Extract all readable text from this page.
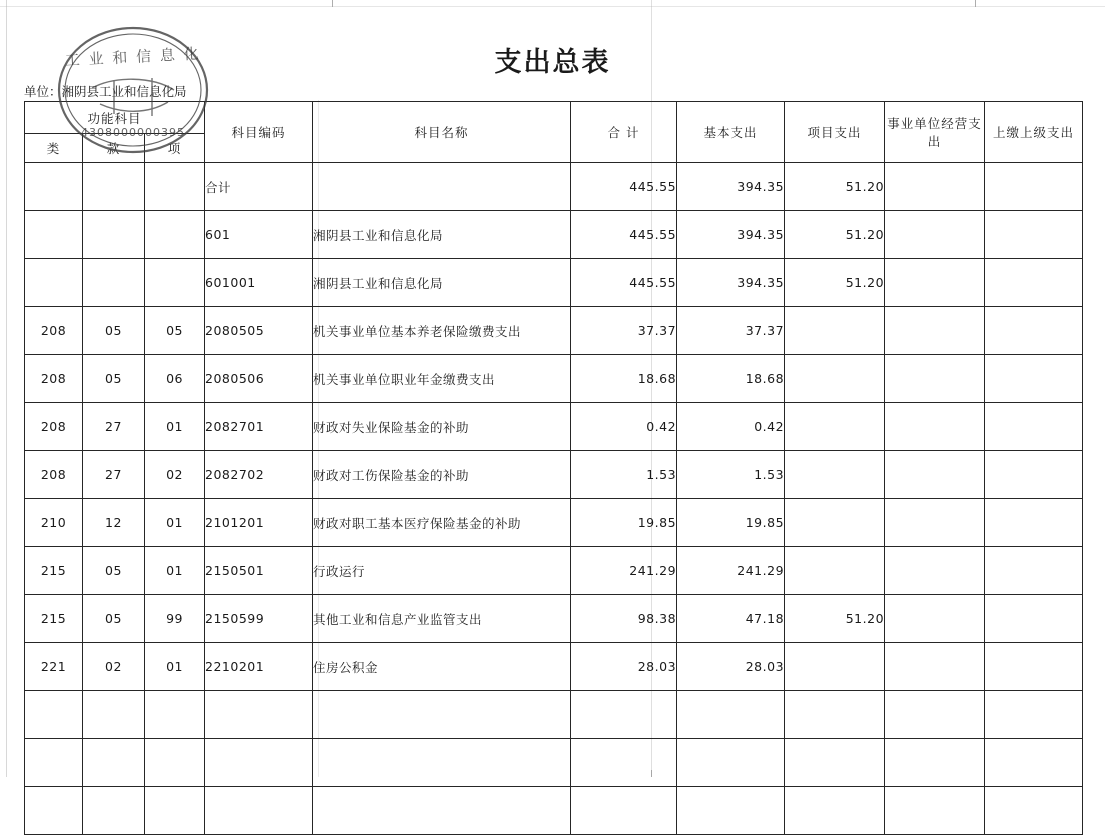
支出总表
单位：湘阴县工业和信息化局
功能科目			科目编码	科目名称	合 计	基本支出	项目支出	事业单位经营支出	上缴上级支出
类	款	项							
			合计		445.55	394.35	51.20		
			601	湘阴县工业和信息化局	445.55	394.35	51.20		
			601001	湘阴县工业和信息化局	445.55	394.35	51.20		
208	05	05	2080505	机关事业单位基本养老保险缴费支出	37.37	37.37			
208	05	06	2080506	机关事业单位职业年金缴费支出	18.68	18.68			
208	27	01	2082701	财政对失业保险基金的补助	0.42	0.42			
208	27	02	2082702	财政对工伤保险基金的补助	1.53	1.53			
210	12	01	2101201	财政对职工基本医疗保险基金的补助	19.85	19.85			
215	05	01	2150501	行政运行	241.29	241.29			
215	05	99	2150599	其他工业和信息产业监管支出	98.38	47.18	51.20		
221	02	01	2210201	住房公积金	28.03	28.03			

工 业 和 信 息 化
4308000000395
